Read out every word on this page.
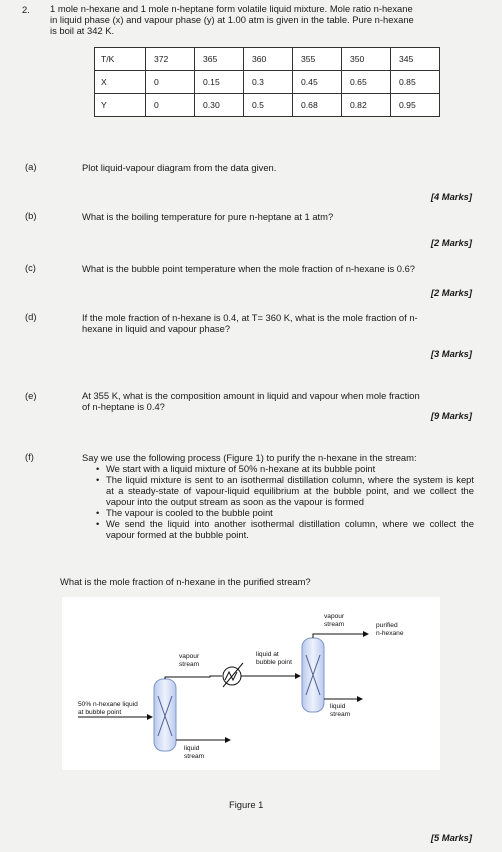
2. 1 mole n-hexane and 1 mole n-heptane form volatile liquid mixture. Mole ratio n-hexane
in liquid phase (x) and vapour phase (y) at 1.00 atm is given in the table. Pure n-hexane
is boil at 342 K.
T/K	372	365	360	355	350	345
X	0	0.15	0.3	0.45	0.65	0.85
Y	0	0.30	0.5	0.68	0.82	0.95
(a)	Plot liquid-vapour diagram from the data given.
[4 Marks]
(b)	What is the boiling temperature for pure n-heptane at 1 atm?
[2 Marks]
(c)	What is the bubble point temperature when the mole fraction of n-hexane is 0.6?
[2 Marks]
(d)	If the mole fraction of n-hexane is 0.4, at T= 360 K, what is the mole fraction of n-
hexane in liquid and vapour phase?
[3 Marks]
(e)	At 355 K, what is the composition amount in liquid and vapour when mole fraction
of n-heptane is 0.4?
[9 Marks]
(f)	Say we use the following process (Figure 1) to purify the n-hexane in the stream:
• We start with a liquid mixture of 50% n-hexane at its bubble point
• The liquid mixture is sent to an isothermal distillation column, where the system is kept at a steady-state of vapour-liquid equilibrium at the bubble point, and we collect the vapour into the output stream as soon as the vapour is formed
• The vapour is cooled to the bubble point
• We send the liquid into another isothermal distillation column, where we collect the vapour formed at the bubble point.
What is the mole fraction of n-hexane in the purified stream?
50% n-hexane liquid
at bubble point
vapour
stream
liquid
stream
liquid at
bubble point
vapour
stream	purified
n-hexane
liquid
stream
Figure 1
[5 Marks]
